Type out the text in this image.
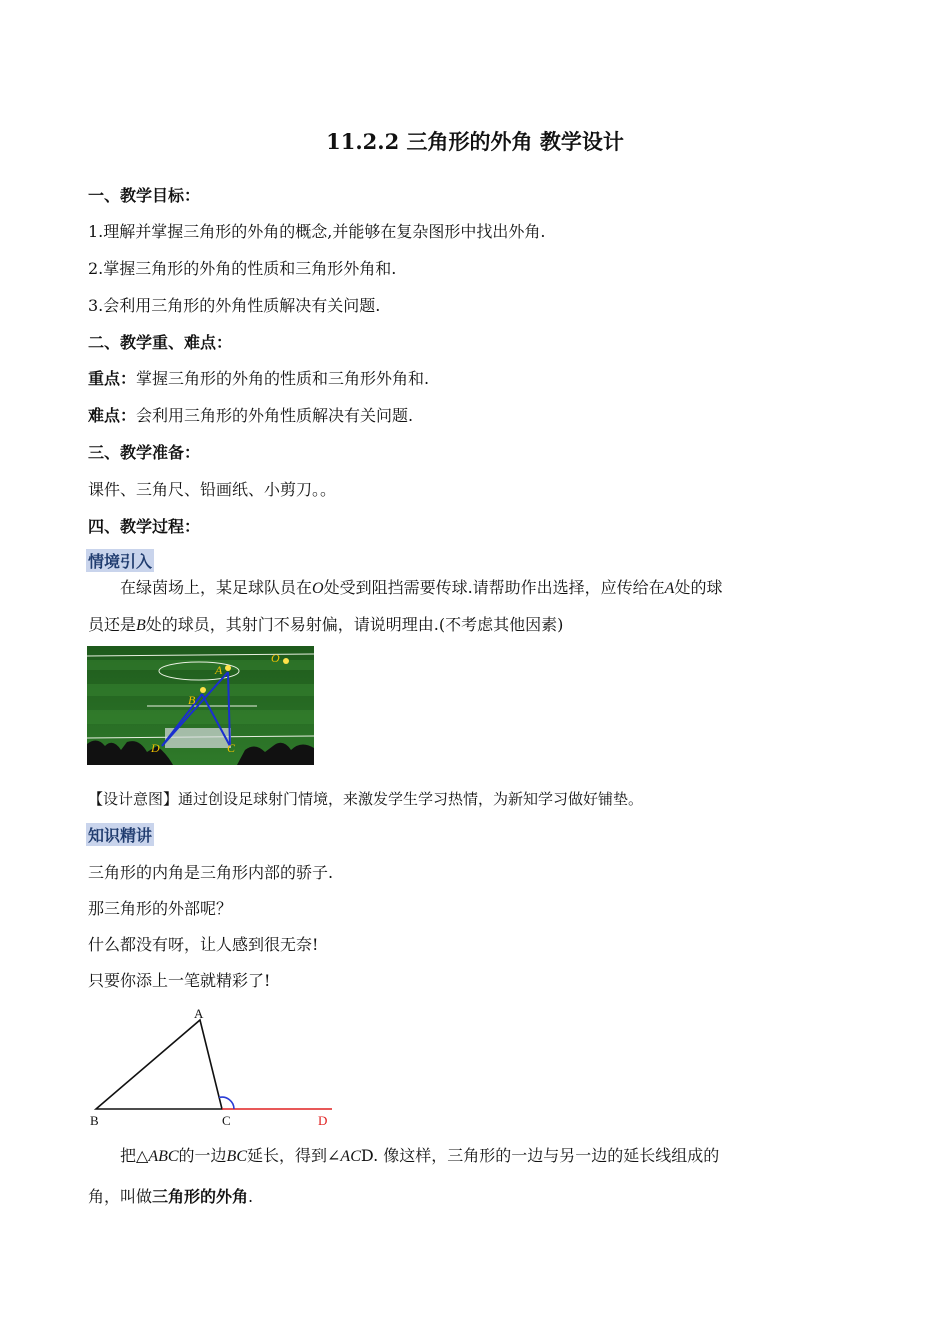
11.2.2 三角形的外角 教学设计
一、教学目标：
1.理解并掌握三角形的外角的概念,并能够在复杂图形中找出外角.
2.掌握三角形的外角的性质和三角形外角和.
3.会利用三角形的外角性质解决有关问题.
二、教学重、难点：
重点：掌握三角形的外角的性质和三角形外角和.
难点：会利用三角形的外角性质解决有关问题.
三、教学准备：
课件、三角尺、铅画纸、小剪刀。。
四、教学过程：
情境引入
在绿茵场上，某足球队员在O处受到阻挡需要传球.请帮助作出选择，应传给在A处的球
员还是B处的球员，其射门不易射偏，请说明理由.(不考虑其他因素)
A
B
O
D	C
【设计意图】通过创设足球射门情境，来激发学生学习热情，为新知学习做好铺垫。
知识精讲
三角形的内角是三角形内部的骄子.
那三角形的外部呢？
什么都没有呀，让人感到很无奈!
只要你添上一笔就精彩了!
A
B	C	D
把△ABC的一边BC延长，得到∠ACD. 像这样，三角形的一边与另一边的延长线组成的
角，叫做三角形的外角.
